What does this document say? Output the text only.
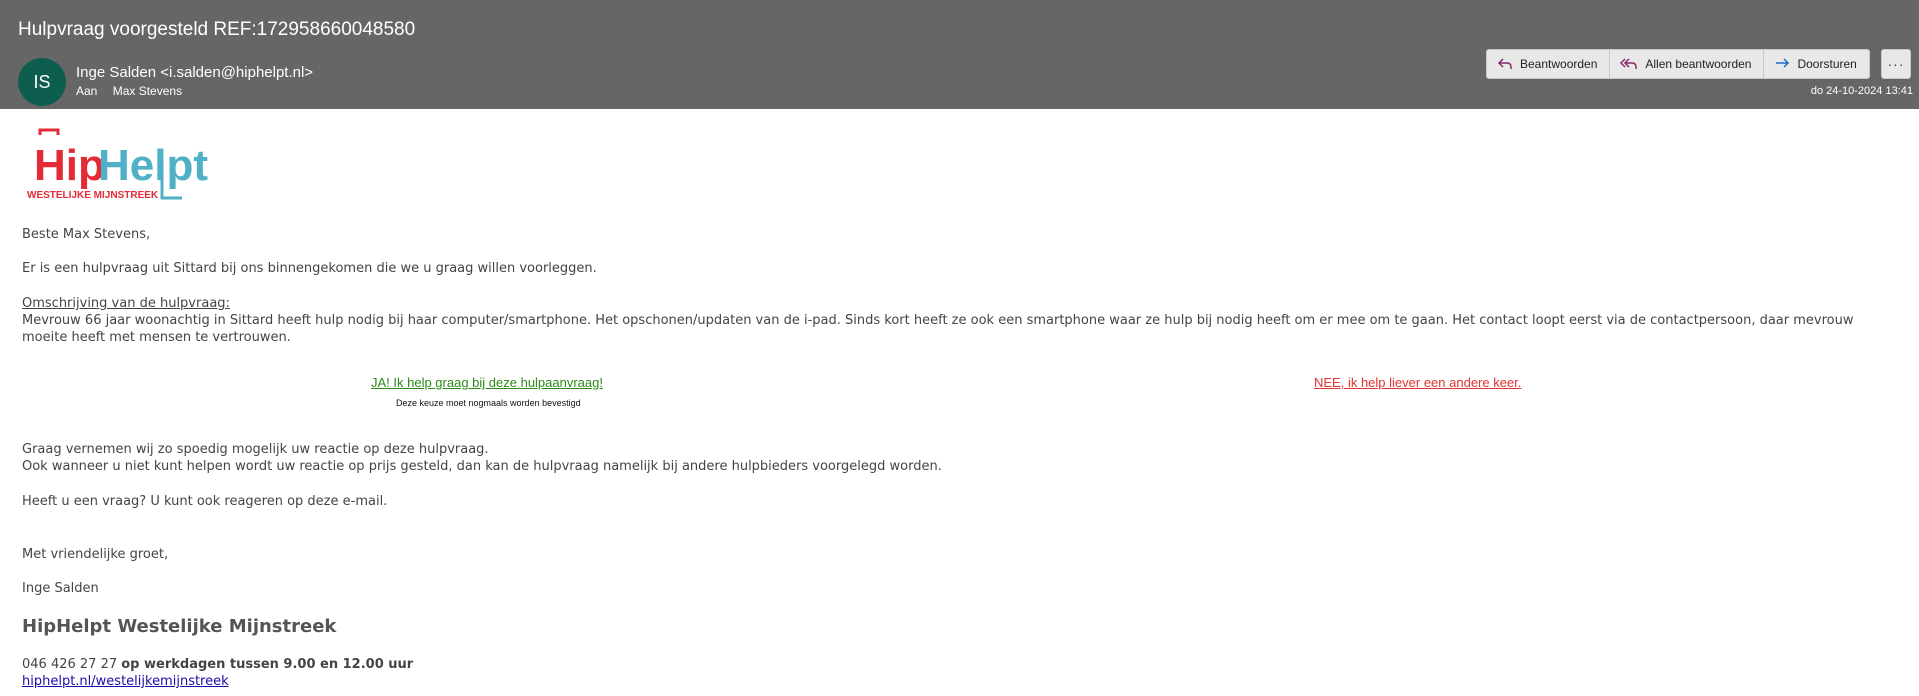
Hulpvraag voorgesteld REF:172958660048580
IS	Inge Salden <i.salden@hiphelpt.nl>
Aan Max Stevens
Beantwoorden	Allen beantwoorden	Doorsturen	···
do 24-10-2024 13:41
Hip
Helpt
WESTELIJKE MIJNSTREEK
Beste Max Stevens,
Er is een hulpvraag uit Sittard bij ons binnengekomen die we u graag willen voorleggen.
Omschrijving van de hulpvraag:
Mevrouw 66 jaar woonachtig in Sittard heeft hulp nodig bij haar computer/smartphone. Het opschonen/updaten van de i-pad. Sinds kort heeft ze ook een smartphone waar ze hulp bij nodig heeft om er mee om te gaan. Het contact loopt eerst via de contactpersoon, daar mevrouw
moeite heeft met mensen te vertrouwen.
JA! Ik help graag bij deze hulpaanvraag!
Deze keuze moet nogmaals worden bevestigd
NEE, ik help liever een andere keer.
Graag vernemen wij zo spoedig mogelijk uw reactie op deze hulpvraag.
Ook wanneer u niet kunt helpen wordt uw reactie op prijs gesteld, dan kan de hulpvraag namelijk bij andere hulpbieders voorgelegd worden.
Heeft u een vraag? U kunt ook reageren op deze e-mail.
Met vriendelijke groet,
Inge Salden
HipHelpt Westelijke Mijnstreek
046 426 27 27 op werkdagen tussen 9.00 en 12.00 uur
hiphelpt.nl/westelijkemijnstreek
